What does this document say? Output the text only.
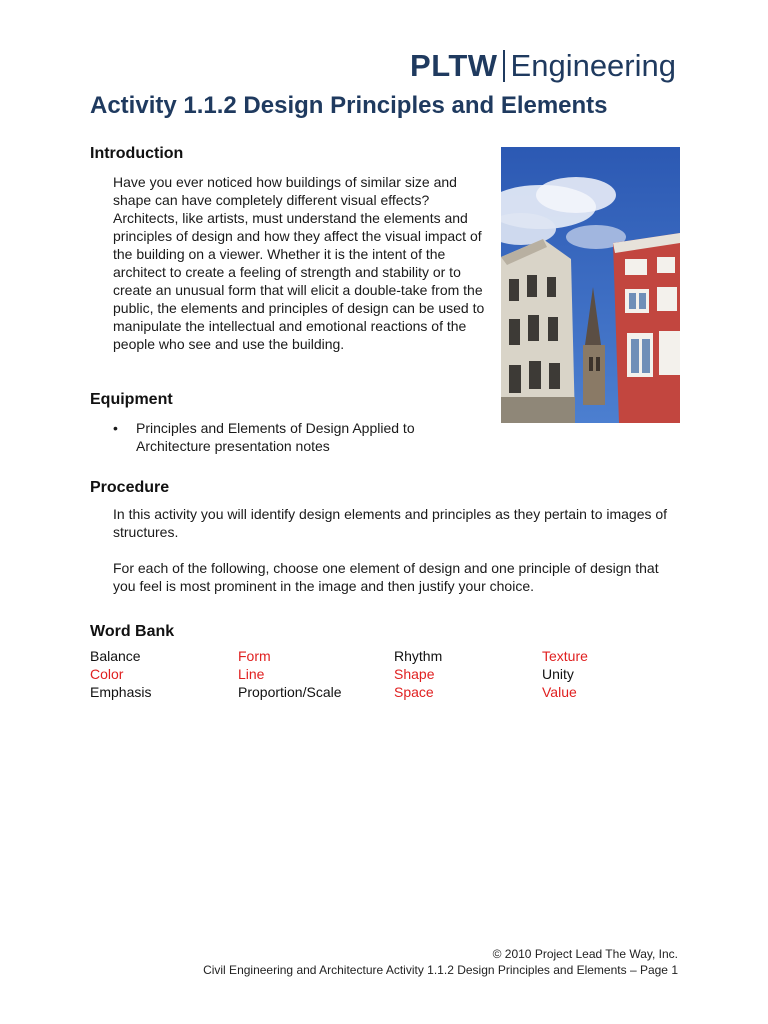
PLTW Engineering
Activity 1.1.2 Design Principles and Elements
Introduction

Have you ever noticed how buildings of similar size and shape can have completely different visual effects? Architects, like artists, must understand the elements and principles of design and how they affect the visual impact of the building on a viewer. Whether it is the intent of the architect to create a feeling of strength and stability or to create an unusual form that will elicit a double-take from the public, the elements and principles of design can be used to manipulate the intellectual and emotional reactions of the people who see and use the building.

Equipment
• Principles and Elements of Design Applied to Architecture presentation notes
Procedure

In this activity you will identify design elements and principles as they pertain to images of structures.

For each of the following, choose one element of design and one principle of design that you feel is most prominent in the image and then justify your choice.

Word Bank
Balance	Form	Rhythm	Texture
Color	Line	Shape	Unity
Emphasis	Proportion/Scale	Space	Value

© 2010 Project Lead The Way, Inc.

Civil Engineering and Architecture Activity 1.1.2 Design Principles and Elements – Page 1
